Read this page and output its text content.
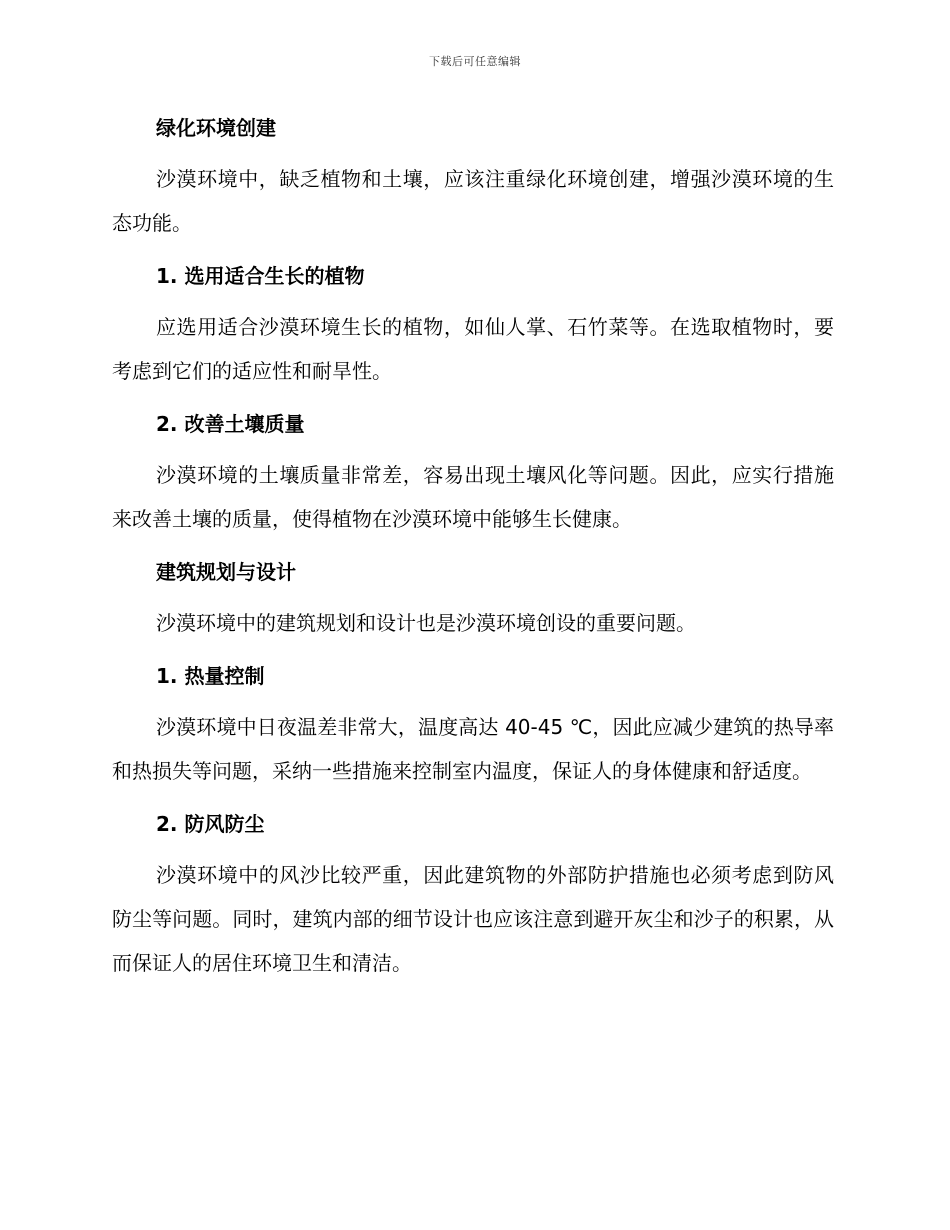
下载后可任意编辑

绿化环境创建

沙漠环境中，缺乏植物和土壤，应该注重绿化环境创建，增强沙漠环境的生态功能。

1. 选用适合生长的植物

应选用适合沙漠环境生长的植物，如仙人掌、石竹菜等。在选取植物时，要考虑到它们的适应性和耐旱性。

2. 改善土壤质量

沙漠环境的土壤质量非常差，容易出现土壤风化等问题。因此，应实行措施来改善土壤的质量，使得植物在沙漠环境中能够生长健康。

建筑规划与设计

沙漠环境中的建筑规划和设计也是沙漠环境创设的重要问题。

1. 热量控制

沙漠环境中日夜温差非常大，温度高达 40-45 ℃，因此应减少建筑的热导率和热损失等问题，采纳一些措施来控制室内温度，保证人的身体健康和舒适度。

2. 防风防尘

沙漠环境中的风沙比较严重，因此建筑物的外部防护措施也必须考虑到防风防尘等问题。同时，建筑内部的细节设计也应该注意到避开灰尘和沙子的积累，从而保证人的居住环境卫生和清洁。
